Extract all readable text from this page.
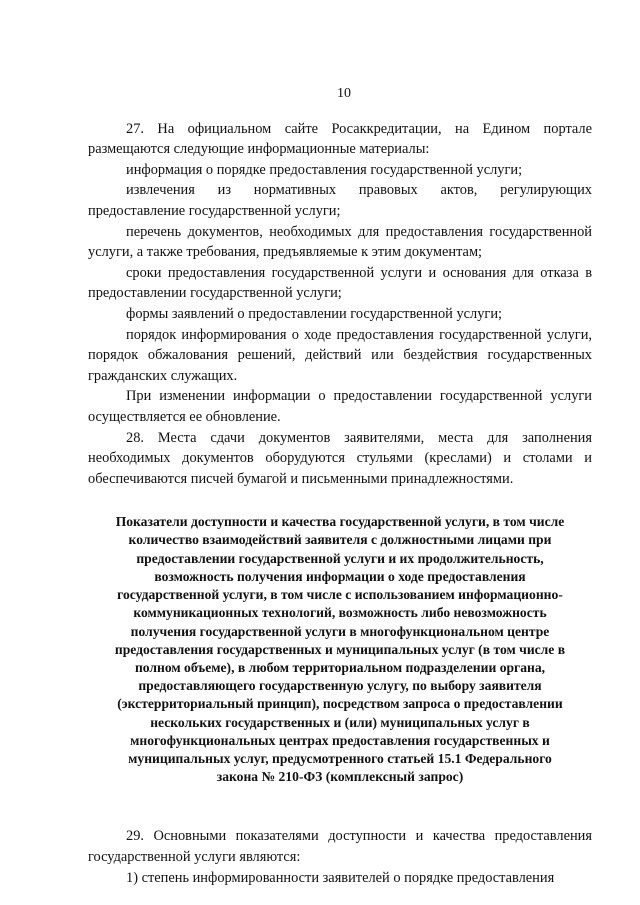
10

27. На официальном сайте Росаккредитации, на Едином портале размещаются следующие информационные материалы:

информация о порядке предоставления государственной услуги;

извлечения из нормативных правовых актов, регулирующих предоставление государственной услуги;

перечень документов, необходимых для предоставления государственной услуги, а также требования, предъявляемые к этим документам;

сроки предоставления государственной услуги и основания для отказа в предоставлении государственной услуги;

формы заявлений о предоставлении государственной услуги;

порядок информирования о ходе предоставления государственной услуги, порядок обжалования решений, действий или бездействия государственных гражданских служащих.

При изменении информации о предоставлении государственной услуги осуществляется ее обновление.

28. Места сдачи документов заявителями, места для заполнения необходимых документов оборудуются стульями (креслами) и столами и обеспечиваются писчей бумагой и письменными принадлежностями.

Показатели доступности и качества государственной услуги, в том числе
количество взаимодействий заявителя с должностными лицами при
предоставлении государственной услуги и их продолжительность,
возможность получения информации о ходе предоставления
государственной услуги, в том числе с использованием информационно-
коммуникационных технологий, возможность либо невозможность
получения государственной услуги в многофункциональном центре
предоставления государственных и муниципальных услуг (в том числе в
полном объеме), в любом территориальном подразделении органа,
предоставляющего государственную услугу, по выбору заявителя
(экстерриториальный принцип), посредством запроса о предоставлении
нескольких государственных и (или) муниципальных услуг в
многофункциональных центрах предоставления государственных и
муниципальных услуг, предусмотренного статьей 15.1 Федерального
закона № 210-ФЗ (комплексный запрос)

29. Основными показателями доступности и качества предоставления государственной услуги являются:

1) степень информированности заявителей о порядке предоставления
